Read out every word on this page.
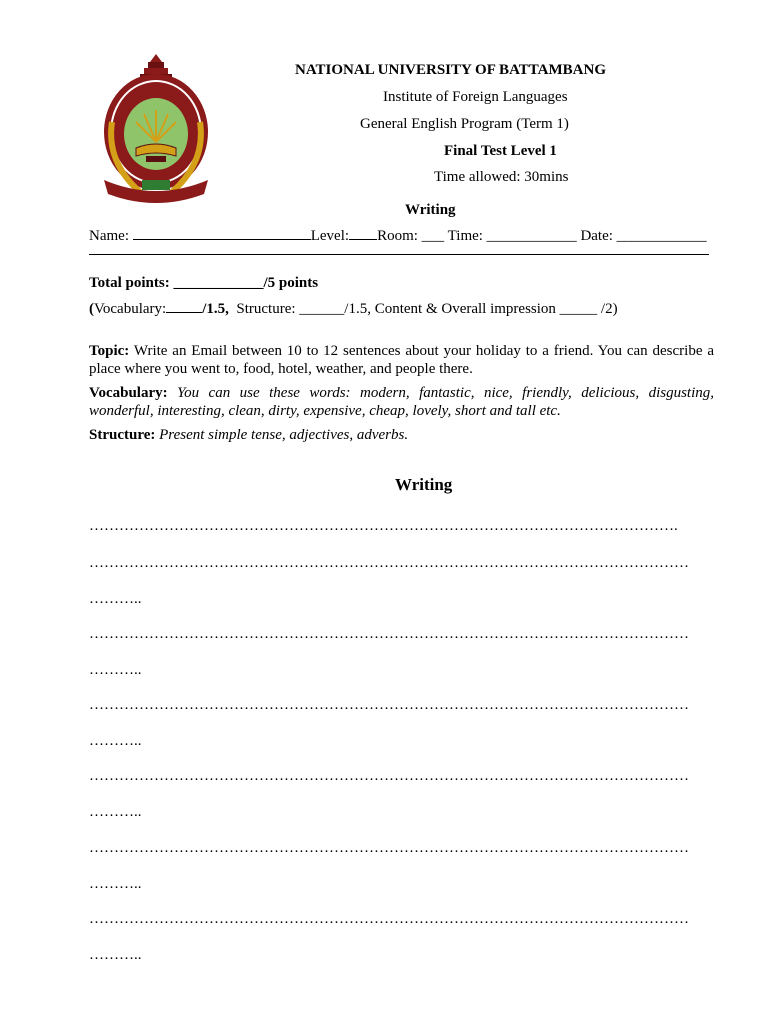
NATIONAL UNIVERSITY OF BATTAMBANG
Institute of Foreign Languages
General English Program (Term 1)
Final Test Level 1
Time allowed: 30mins
Writing
Name:	Level: Room: ___ Time: ____________ Date: ____________
Total points: ____________/5 points
(Vocabulary: /1.5, Structure: ______/1.5, Content & Overall impression _____ /2)
Topic: Write an Email between 10 to 12 sentences about your holiday to a friend. You can describe a place where you went to, food, hotel, weather, and people there.
Vocabulary: You can use these words: modern, fantastic, nice, friendly, delicious, disgusting, wonderful, interesting, clean, dirty, expensive, cheap, lovely, short and tall etc.
Structure: Present simple tense, adjectives, adverbs.
Writing
……………………………………………………………………………………………………….
…………………………………………………………………………………………………………
………..
…………………………………………………………………………………………………………
………..
…………………………………………………………………………………………………………
………..
…………………………………………………………………………………………………………
………..
…………………………………………………………………………………………………………
………..
…………………………………………………………………………………………………………
………..
